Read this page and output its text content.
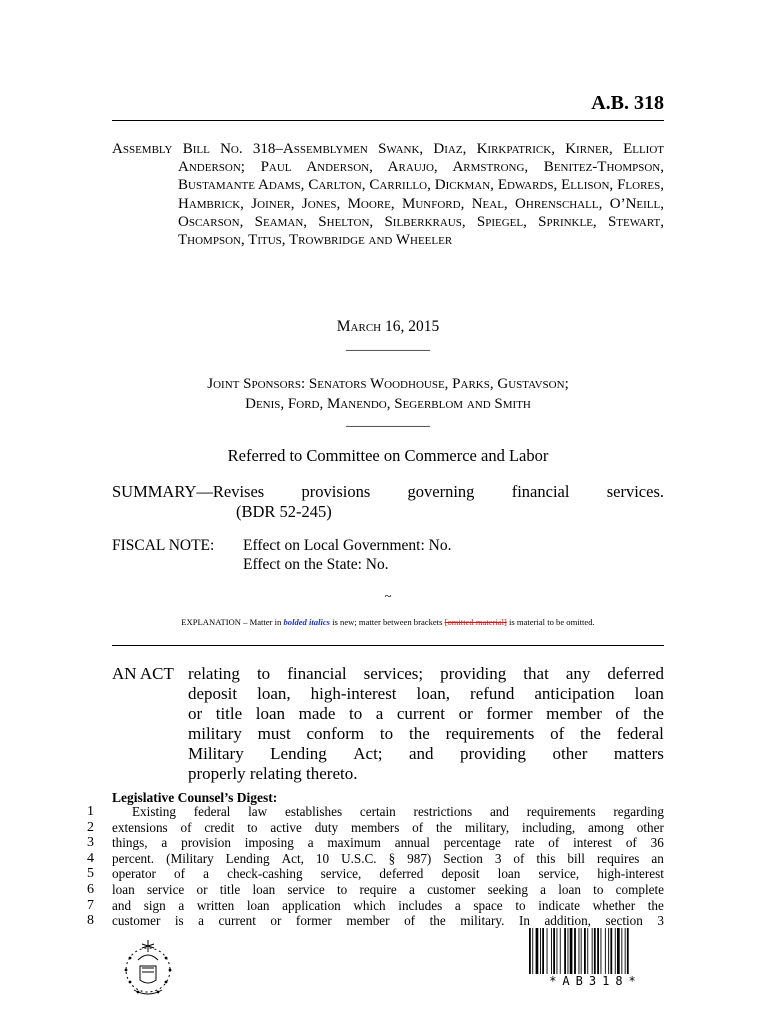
A.B. 318
Assembly Bill No. 318–Assemblymen Swank, Diaz, Kirkpatrick, Kirner, Elliot Anderson; Paul Anderson, Araujo, Armstrong, Benitez-Thompson, Bustamante Adams, Carlton, Carrillo, Dickman, Edwards, Ellison, Flores, Hambrick, Joiner, Jones, Moore, Munford, Neal, Ohrenschall, O’Neill, Oscarson, Seaman, Shelton, Silberkraus, Spiegel, Sprinkle, Stewart, Thompson, Titus, Trowbridge and Wheeler
March 16, 2015
____________
Joint Sponsors: Senators Woodhouse, Parks, Gustavson;
Denis, Ford, Manendo, Segerblom and Smith
____________
Referred to Committee on Commerce and Labor
SUMMARY—Revises provisions governing financial services.
(BDR 52-245)
FISCAL NOTE: Effect on Local Government: No.
Effect on the State: No.
~
EXPLANATION – Matter in bolded italics is new; matter between brackets [omitted material] is material to be omitted.
AN ACT relating to financial services; providing that any deferred
deposit loan, high-interest loan, refund anticipation loan
or title loan made to a current or former member of the
military must conform to the requirements of the federal
Military Lending Act; and providing other matters
properly relating thereto.
Legislative Counsel’s Digest:
1
2
3
4
5
6
7
8
Existing federal law establishes certain restrictions and requirements regarding
extensions of credit to active duty members of the military, including, among other
things, a provision imposing a maximum annual percentage rate of interest of 36
percent. (Military Lending Act, 10 U.S.C. § 987) Section 3 of this bill requires an
operator of a check-cashing service, deferred deposit loan service, high-interest
loan service or title loan service to require a customer seeking a loan to complete
and sign a written loan application which includes a space to indicate whether the
customer is a current or former member of the military. In addition, section 3
*AB318*
